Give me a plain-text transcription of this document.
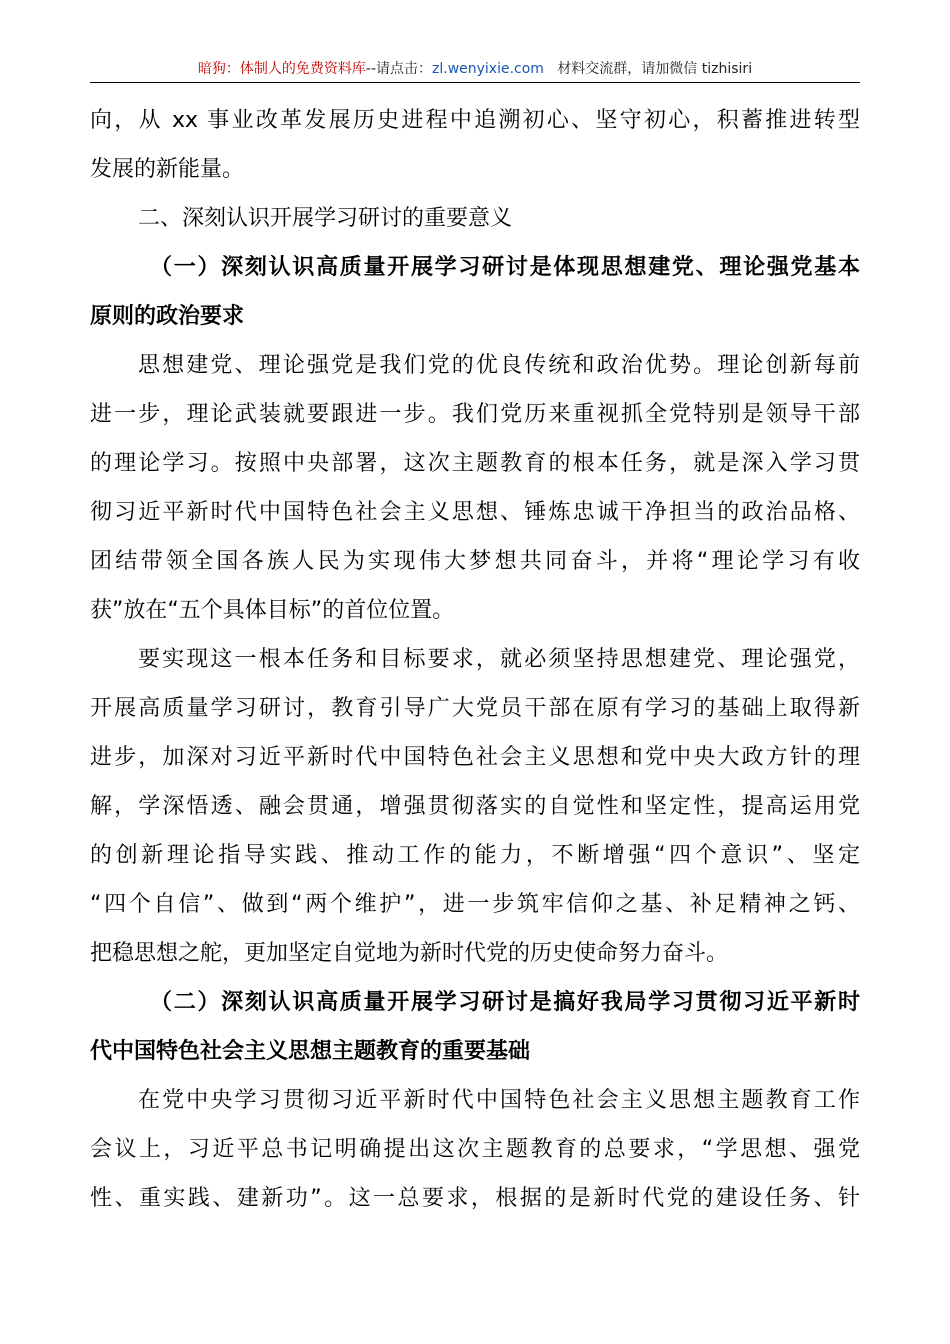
暗狗：体制人的免费资料库--请点击：zl.wenyixie.com 材料交流群，请加微信 tizhisiri
向，从 xx 事业改革发展历史进程中追溯初心、坚守初心，积蓄推进转型
发展的新能量。
二、深刻认识开展学习研讨的重要意义
（一）深刻认识高质量开展学习研讨是体现思想建党、理论强党基本
原则的政治要求
思想建党、理论强党是我们党的优良传统和政治优势。理论创新每前
进一步，理论武装就要跟进一步。我们党历来重视抓全党特别是领导干部
的理论学习。按照中央部署，这次主题教育的根本任务，就是深入学习贯
彻习近平新时代中国特色社会主义思想、锤炼忠诚干净担当的政治品格、
团结带领全国各族人民为实现伟大梦想共同奋斗，并将“理论学习有收
获”放在“五个具体目标”的首位位置。
要实现这一根本任务和目标要求，就必须坚持思想建党、理论强党，
开展高质量学习研讨，教育引导广大党员干部在原有学习的基础上取得新
进步，加深对习近平新时代中国特色社会主义思想和党中央大政方针的理
解，学深悟透、融会贯通，增强贯彻落实的自觉性和坚定性，提高运用党
的创新理论指导实践、推动工作的能力，不断增强“四个意识”、坚定
“四个自信”、做到“两个维护”，进一步筑牢信仰之基、补足精神之钙、
把稳思想之舵，更加坚定自觉地为新时代党的历史使命努力奋斗。
（二）深刻认识高质量开展学习研讨是搞好我局学习贯彻习近平新时
代中国特色社会主义思想主题教育的重要基础
在党中央学习贯彻习近平新时代中国特色社会主义思想主题教育工作
会议上，习近平总书记明确提出这次主题教育的总要求，“学思想、强党
性、重实践、建新功”。这一总要求，根据的是新时代党的建设任务、针
